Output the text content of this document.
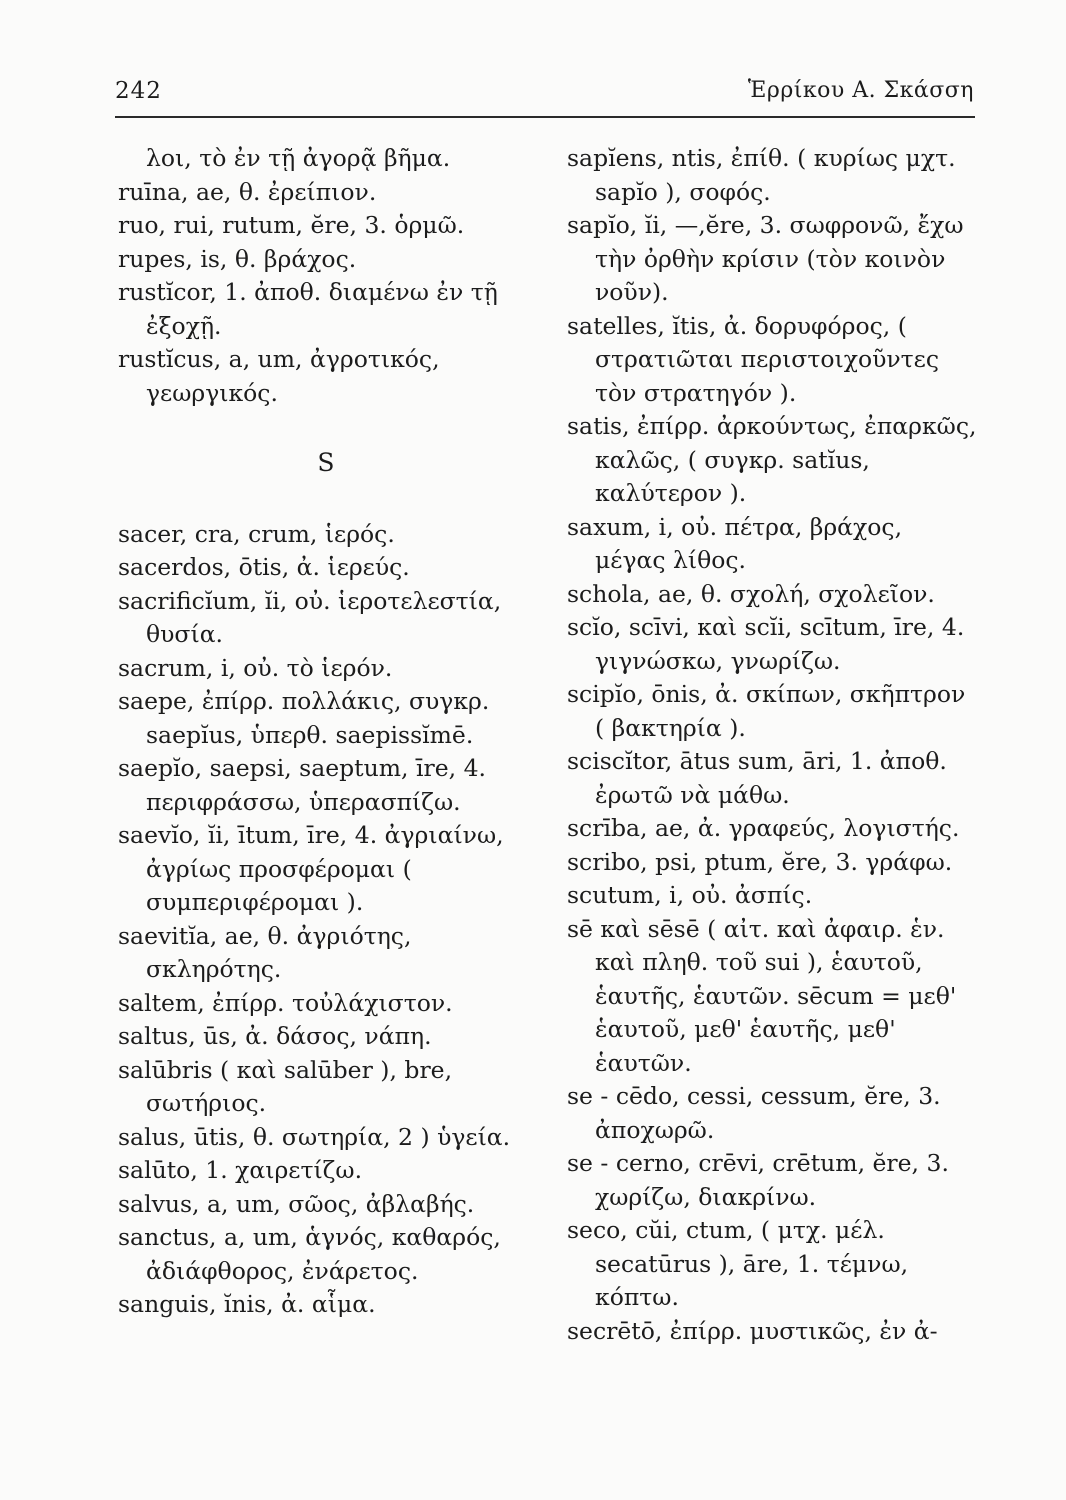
242	Ἑρρίκου Α. Σκάσση
λοι, τὸ ἐν τῇ ἀγορᾷ βῆμα.
ruīna, ae, θ. ἐρείπιον.
ruo, rui, rutum, ĕre, 3. ὁρμῶ.
rupes, is, θ. βράχος.
rustĭcor, 1. ἀποθ. διαμένω ἐν τῇ ἐξοχῇ.
rustĭcus, a, um, ἀγροτικός, γεωργικός.
S
sacer, cra, crum, ἱερός.
sacerdos, ōtis, ἀ. ἱερεύς.
sacrificĭum, ĭi, οὐ. ἱεροτελεστία, θυσία.
sacrum, i, οὐ. τὸ ἱερόν.
saepe, ἐπίρρ. πολλάκις, συγκρ. saepĭus, ὑπερθ. saepissĭmē.
saepĭo, saepsi, saeptum, īre, 4. περιφράσσω, ὑπερασπίζω.
saevĭo, ĭi, ītum, īre, 4. ἀγριαίνω, ἀγρίως προσφέρομαι ( συμπεριφέρομαι ).
saevitĭa, ae, θ. ἀγριότης, σκληρότης.
saltem, ἐπίρρ. τοὐλάχιστον.
saltus, ūs, ἀ. δάσος, νάπη.
salūbris ( καὶ salūber ), bre, σωτήριος.
salus, ūtis, θ. σωτηρία, 2 ) ὑγεία.
salūto, 1. χαιρετίζω.
salvus, a, um, σῶος, ἀβλαβής.
sanctus, a, um, ἁγνός, καθαρός, ἀδιάφθορος, ἐνάρετος.
sanguis, ĭnis, ἀ. αἷμα.
sapĭens, ntis, ἐπίθ. ( κυρίως μχτ. sapĭo ), σοφός.
sapĭo, ĭi, —,ĕre, 3. σωφρονῶ, ἔχω τὴν ὀρθὴν κρίσιν (τὸν κοινὸν νοῦν).
satelles, ĭtis, ἀ. δορυφόρος, ( στρατιῶται περιστοιχοῦντες τὸν στρατηγόν ).
satis, ἐπίρρ. ἀρκούντως, ἐπαρκῶς, καλῶς, ( συγκρ. satĭus, καλύτερον ).
saxum, i, οὐ. πέτρα, βράχος, μέγας λίθος.
schola, ae, θ. σχολή, σχολεῖον.
scĭo, scīvi, καὶ scĭi, scītum, īre, 4. γιγνώσκω, γνωρίζω.
scipĭo, ōnis, ἀ. σκίπων, σκῆπτρον ( βακτηρία ).
sciscĭtor, ātus sum, āri, 1. ἀποθ. ἐρωτῶ νὰ μάθω.
scrība, ae, ἀ. γραφεύς, λογιστής.
scribo, psi, ptum, ĕre, 3. γράφω.
scutum, i, οὐ. ἀσπίς.
sē καὶ sēsē ( αἰτ. καὶ ἀφαιρ. ἑν. καὶ πληθ. τοῦ sui ), ἑαυτοῦ, ἑαυτῆς, ἑαυτῶν. sēcum = μεθ' ἑαυτοῦ, μεθ' ἑαυτῆς, μεθ' ἑαυτῶν.
se - cēdo, cessi, cessum, ĕre, 3. ἀποχωρῶ.
se - cerno, crēvi, crētum, ĕre, 3. χωρίζω, διακρίνω.
seco, cŭi, ctum, ( μτχ. μέλ. secatūrus ), āre, 1. τέμνω, κόπτω.
secrētō, ἐπίρρ. μυστικῶς, ἐν ἀ-
